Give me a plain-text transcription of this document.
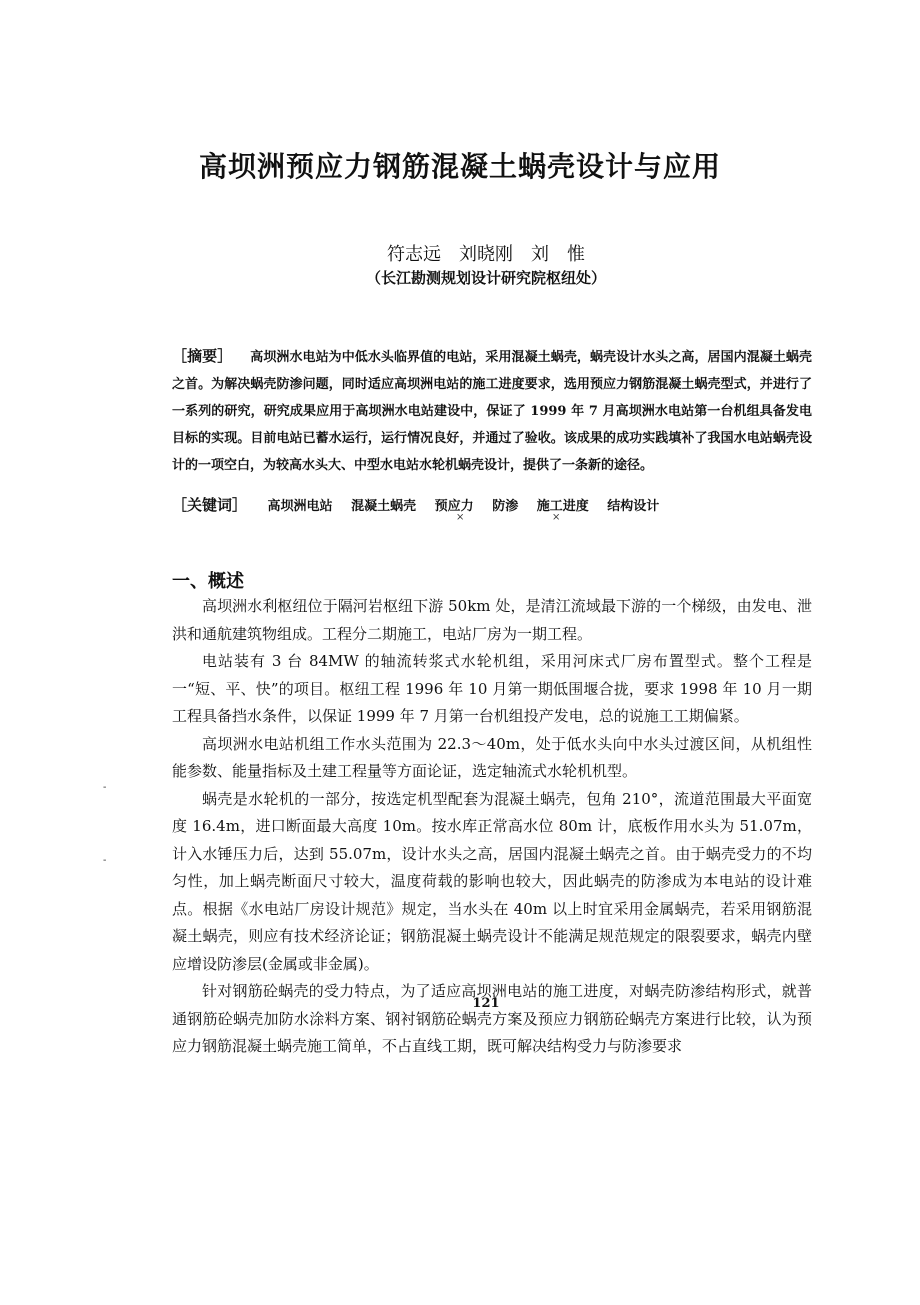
高坝洲预应力钢筋混凝土蜗壳设计与应用
符志远　刘晓刚　刘　惟
（长江勘测规划设计研究院枢纽处）
［摘要］ 高坝洲水电站为中低水头临界值的电站，采用混凝土蜗壳，蜗壳设计水头之高，居国内混凝土蜗壳之首。为解决蜗壳防渗问题，同时适应高坝洲电站的施工进度要求，选用预应力钢筋混凝土蜗壳型式，并进行了一系列的研究，研究成果应用于高坝洲水电站建设中，保证了 1999 年 7 月高坝洲水电站第一台机组具备发电目标的实现。目前电站已蓄水运行，运行情况良好，并通过了验收。该成果的成功实践填补了我国水电站蜗壳设计的一项空白，为较高水头大、中型水电站水轮机蜗壳设计，提供了一条新的途径。
［关键词］ 高坝洲电站 混凝土蜗壳 预应力 防渗 施工进度 结构设计
×	×
一、概述

高坝洲水利枢纽位于隔河岩枢纽下游 50km 处，是清江流域最下游的一个梯级，由发电、泄洪和通航建筑物组成。工程分二期施工，电站厂房为一期工程。

电站装有 3 台 84MW 的轴流转浆式水轮机组，采用河床式厂房布置型式。整个工程是一“短、平、快”的项目。枢纽工程 1996 年 10 月第一期低围堰合拢，要求 1998 年 10 月一期工程具备挡水条件，以保证 1999 年 7 月第一台机组投产发电，总的说施工工期偏紧。

高坝洲水电站机组工作水头范围为 22.3～40m，处于低水头向中水头过渡区间，从机组性能参数、能量指标及土建工程量等方面论证，选定轴流式水轮机机型。

蜗壳是水轮机的一部分，按选定机型配套为混凝土蜗壳，包角 210°，流道范围最大平面宽度 16.4m，进口断面最大高度 10m。按水库正常高水位 80m 计，底板作用水头为 51.07m，计入水锤压力后，达到 55.07m，设计水头之高，居国内混凝土蜗壳之首。由于蜗壳受力的不均匀性，加上蜗壳断面尺寸较大，温度荷载的影响也较大，因此蜗壳的防渗成为本电站的设计难点。根据《水电站厂房设计规范》规定，当水头在 40m 以上时宜采用金属蜗壳，若采用钢筋混凝土蜗壳，则应有技术经济论证；钢筋混凝土蜗壳设计不能满足规范规定的限裂要求，蜗壳内壁应增设防渗层(金属或非金属)。

针对钢筋砼蜗壳的受力特点，为了适应高坝洲电站的施工进度，对蜗壳防渗结构形式，就普通钢筋砼蜗壳加防水涂料方案、钢衬钢筋砼蜗壳方案及预应力钢筋砼蜗壳方案进行比较，认为预应力钢筋混凝土蜗壳施工简单，不占直线工期，既可解决结构受力与防渗要求

-
-
121
